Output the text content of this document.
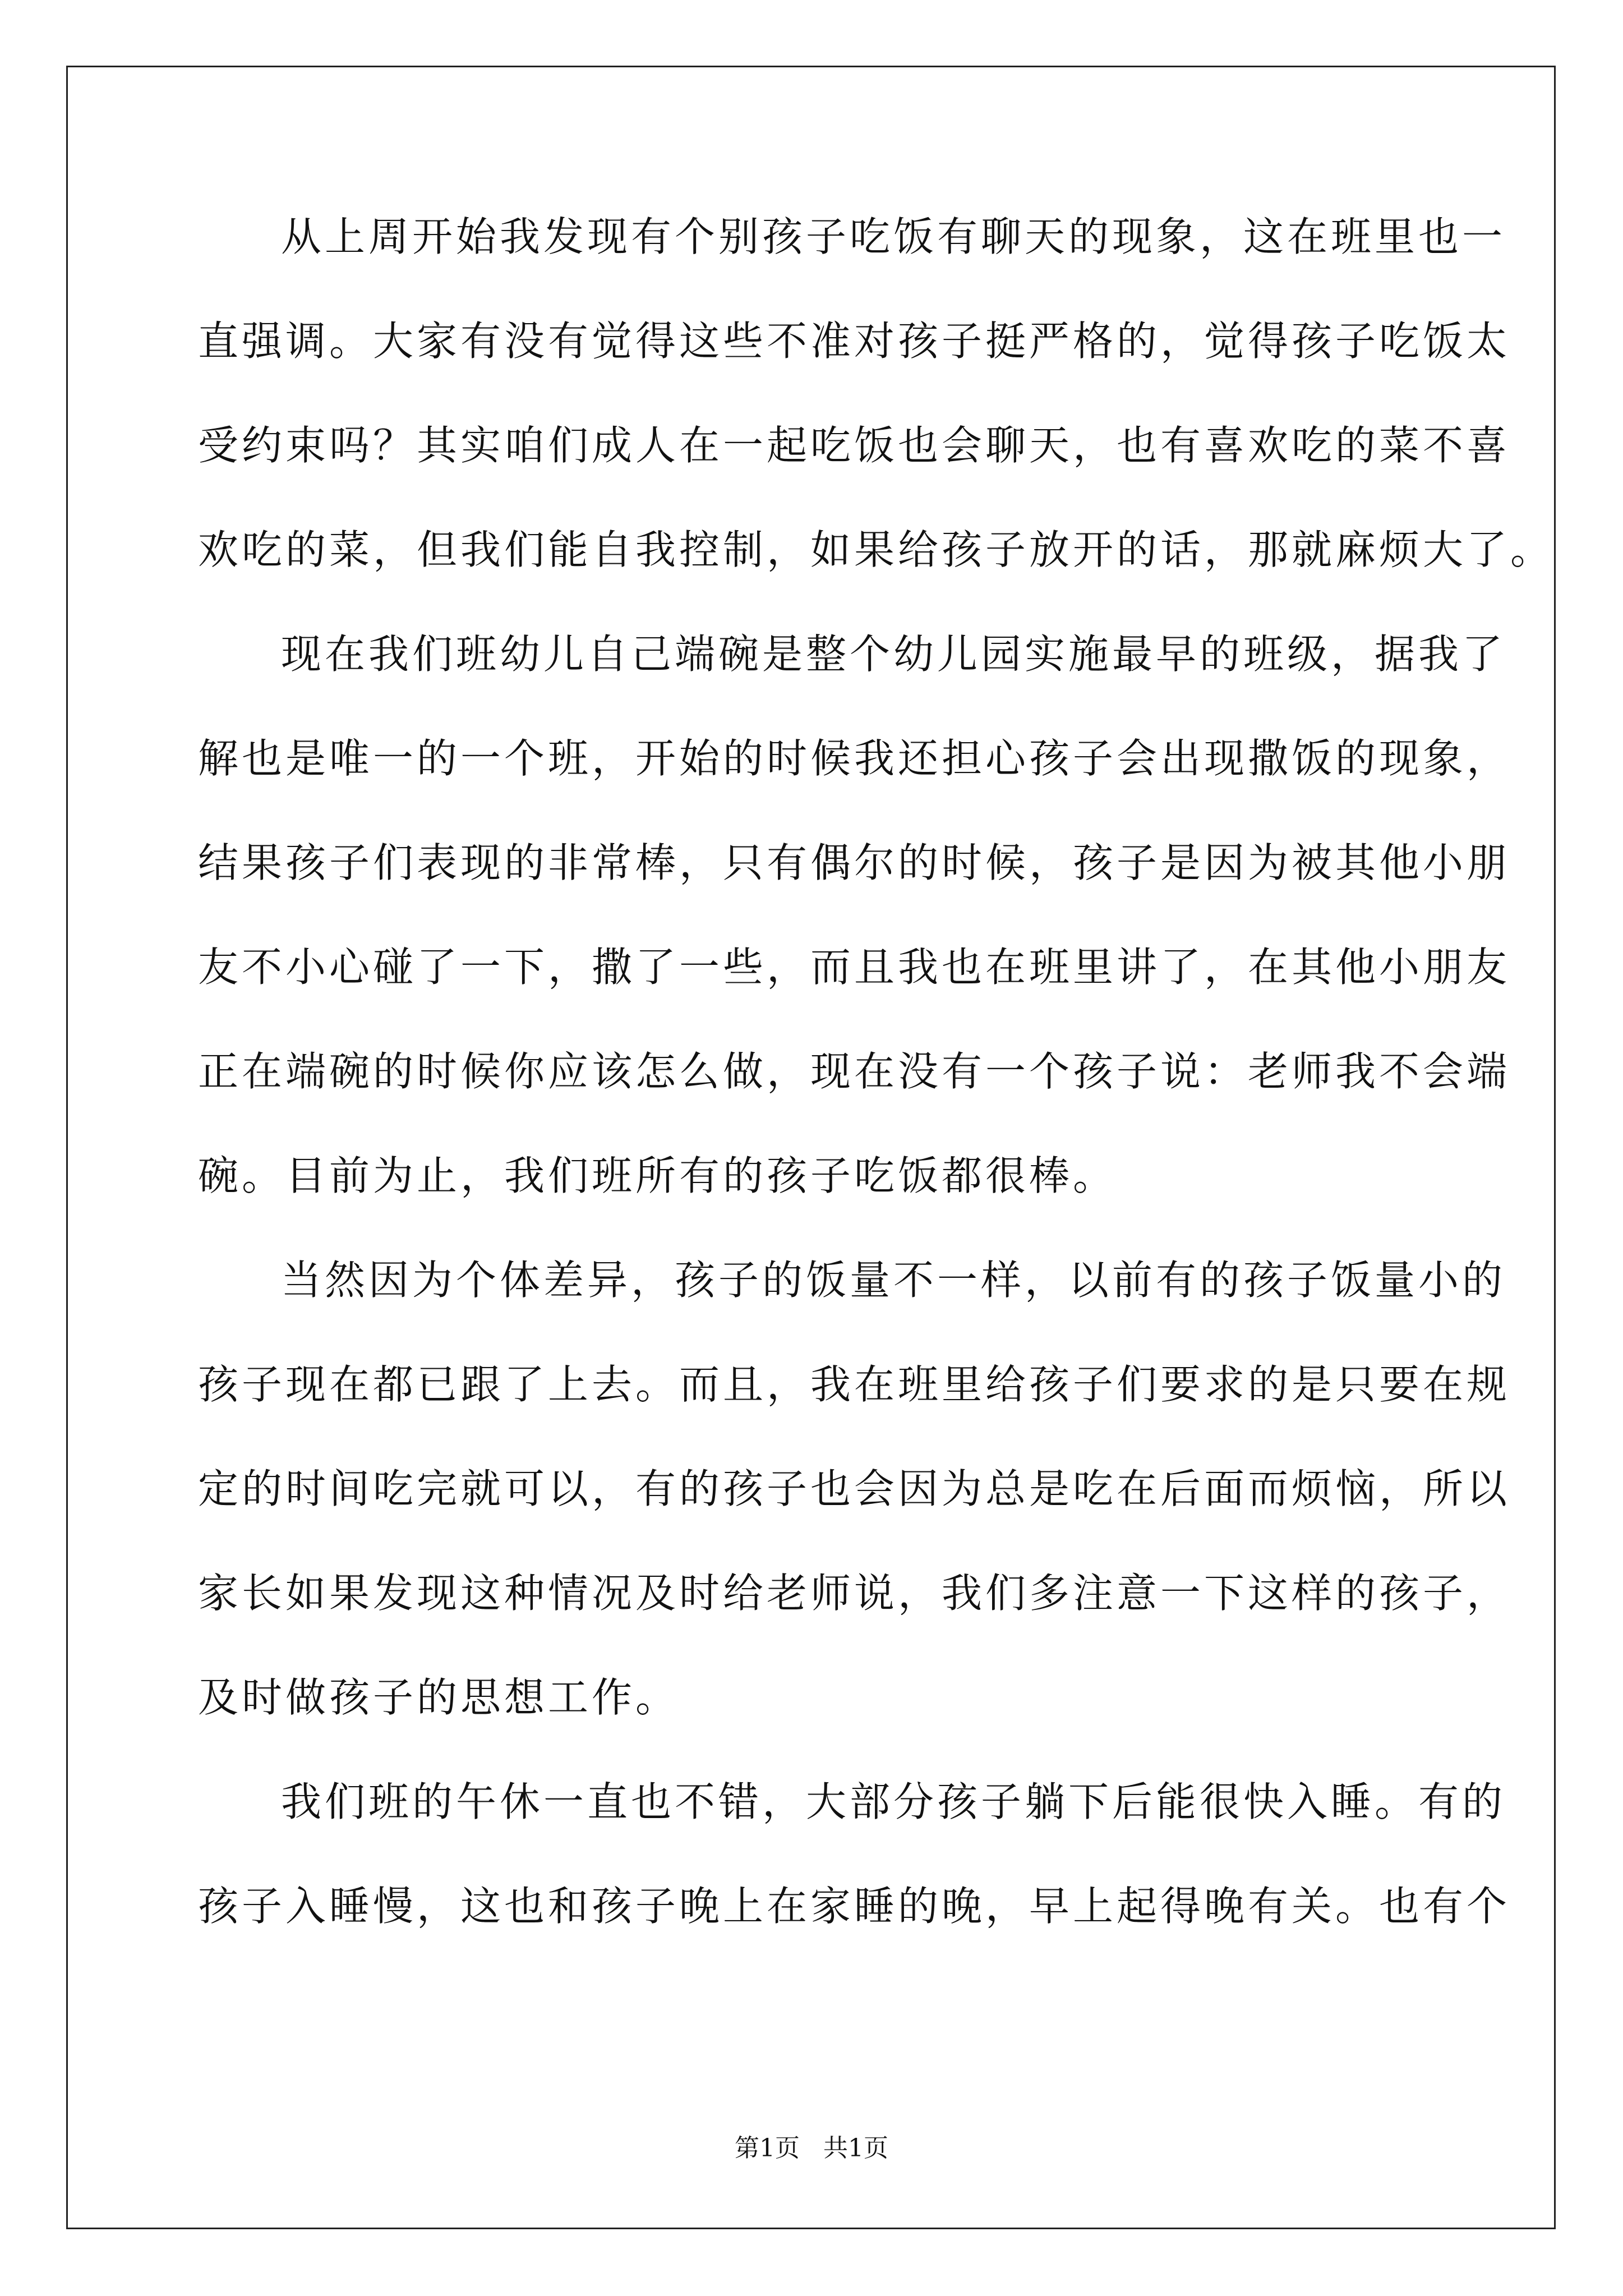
从上周开始我发现有个别孩子吃饭有聊天的现象，这在班里也一
直强调。大家有没有觉得这些不准对孩子挺严格的，觉得孩子吃饭太
受约束吗？其实咱们成人在一起吃饭也会聊天，也有喜欢吃的菜不喜
欢吃的菜，但我们能自我控制，如果给孩子放开的话，那就麻烦大了。
现在我们班幼儿自己端碗是整个幼儿园实施最早的班级，据我了
解也是唯一的一个班，开始的时候我还担心孩子会出现撒饭的现象，
结果孩子们表现的非常棒，只有偶尔的时候，孩子是因为被其他小朋
友不小心碰了一下，撒了一些，而且我也在班里讲了，在其他小朋友
正在端碗的时候你应该怎么做，现在没有一个孩子说：老师我不会端
碗。目前为止，我们班所有的孩子吃饭都很棒。
当然因为个体差异，孩子的饭量不一样，以前有的孩子饭量小的
孩子现在都已跟了上去。而且，我在班里给孩子们要求的是只要在规
定的时间吃完就可以，有的孩子也会因为总是吃在后面而烦恼，所以
家长如果发现这种情况及时给老师说，我们多注意一下这样的孩子，
及时做孩子的思想工作。
我们班的午休一直也不错，大部分孩子躺下后能很快入睡。有的
孩子入睡慢，这也和孩子晚上在家睡的晚，早上起得晚有关。也有个
第1页   共1页
